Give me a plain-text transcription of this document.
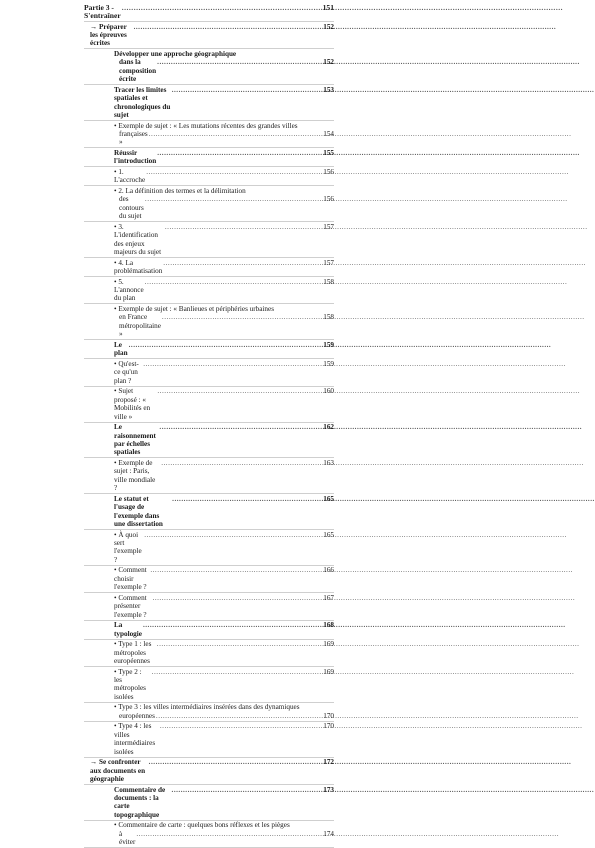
Partie 3 - S'entraîner
.....
151
→ Préparer les épreuves écrites
.....
152
Développer une approche géographique
dans la composition écrite
.....
152
Tracer les limites spatiales et chronologiques du sujet
.....
153
• Exemple de sujet : « Les mutations récentes des grandes villes
françaises »
.....
154
Réussir l'introduction
.....
155
• 1. L'accroche
.....
156
• 2. La définition des termes et la délimitation
des contours du sujet
.....
156
• 3. L'identification des enjeux majeurs du sujet
.....
157
• 4. La problématisation
.....
157
• 5. L'annonce du plan
.....
158
• Exemple de sujet : « Banlieues et périphéries urbaines
en France métropolitaine »
.....
158
Le plan
.....
159
• Qu'est-ce qu'un plan ?
.....
159
• Sujet proposé : « Mobilités en ville »
.....
160
Le raisonnement par échelles spatiales
.....
162
• Exemple de sujet : Paris, ville mondiale ?
.....
163
Le statut et l'usage de l'exemple dans une dissertation
.....
165
• À quoi sert l'exemple ?
.....
165
• Comment choisir l'exemple ?
.....
166
• Comment présenter l'exemple ?
.....
167
La typologie
.....
168
• Type 1 : les métropoles européennes
.....
169
• Type 2 : les métropoles isolées
.....
169
• Type 3 : les villes intermédiaires insérées dans des dynamiques
européennes
.....	170
• Type 4 : les villes intermédiaires isolées
.....
170
→ Se confronter aux documents en géographie
.....
172
Commentaire de documents : la carte topographique
.....
173
• Commentaire de carte : quelques bons réflexes et les pièges
à éviter
.....
174
